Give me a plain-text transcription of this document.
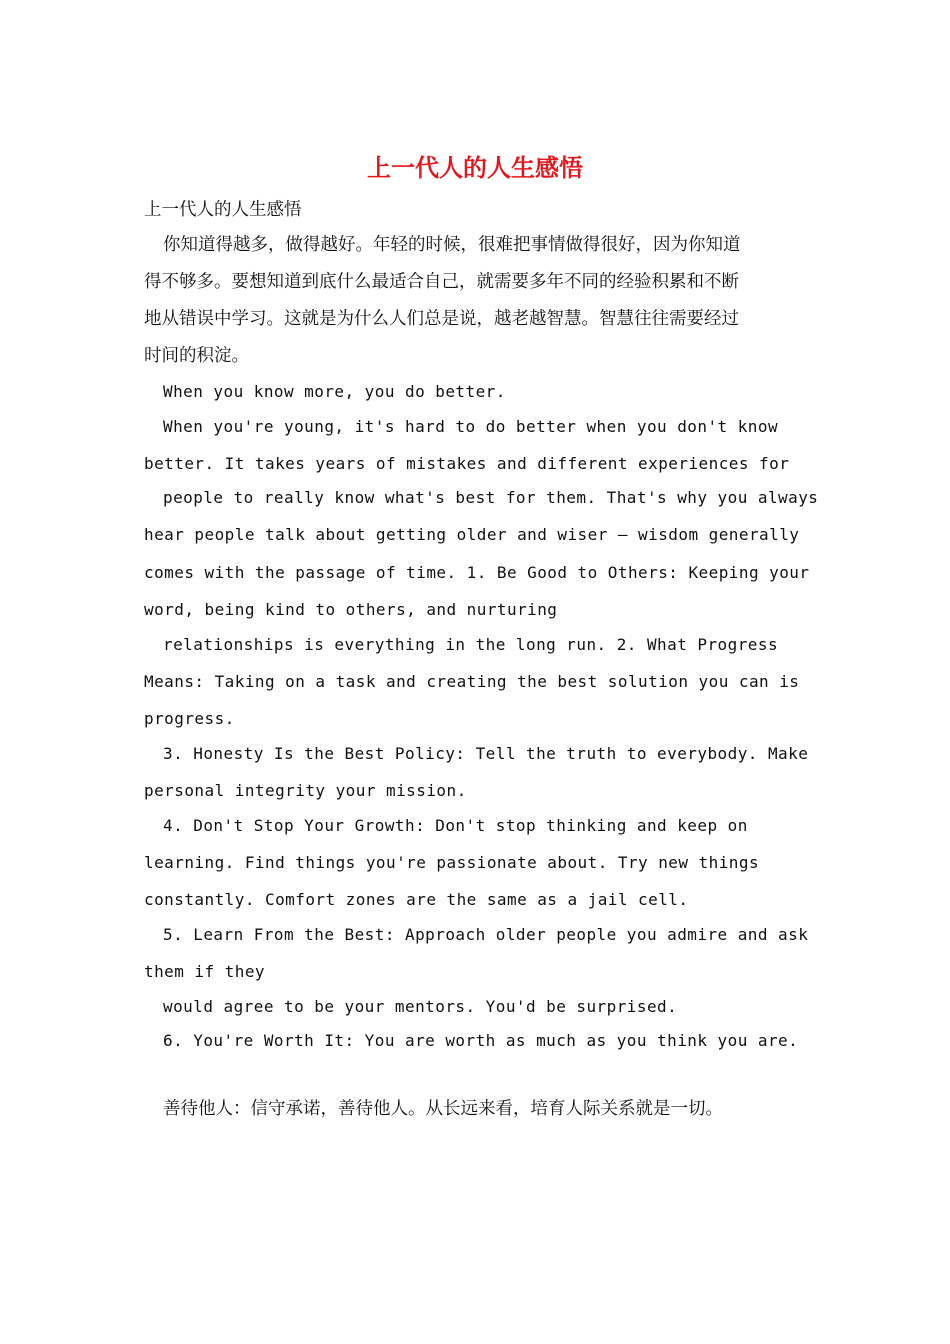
上一代人的人生感悟

上一代人的人生感悟

你知道得越多，做得越好。年轻的时候，很难把事情做得很好，因为你知道

得不够多。要想知道到底什么最适合自己，就需要多年不同的经验积累和不断

地从错误中学习。这就是为什么人们总是说，越老越智慧。智慧往往需要经过

时间的积淀。

When you know more, you do better.

When you're young, it's hard to do better when you don't know

better. It takes years of mistakes and different experiences for

people to really know what's best for them. That's why you always

hear people talk about getting older and wiser — wisdom generally

comes with the passage of time. 1. Be Good to Others: Keeping your

word, being kind to others, and nurturing

relationships is everything in the long run. 2. What Progress

Means: Taking on a task and creating the best solution you can is

progress.

3. Honesty Is the Best Policy: Tell the truth to everybody. Make

personal integrity your mission.

4. Don't Stop Your Growth: Don't stop thinking and keep on

learning. Find things you're passionate about. Try new things

constantly. Comfort zones are the same as a jail cell.

5. Learn From the Best: Approach older people you admire and ask

them if they

would agree to be your mentors. You'd be surprised.

6. You're Worth It: You are worth as much as you think you are.

善待他人：信守承诺，善待他人。从长远来看，培育人际关系就是一切。
